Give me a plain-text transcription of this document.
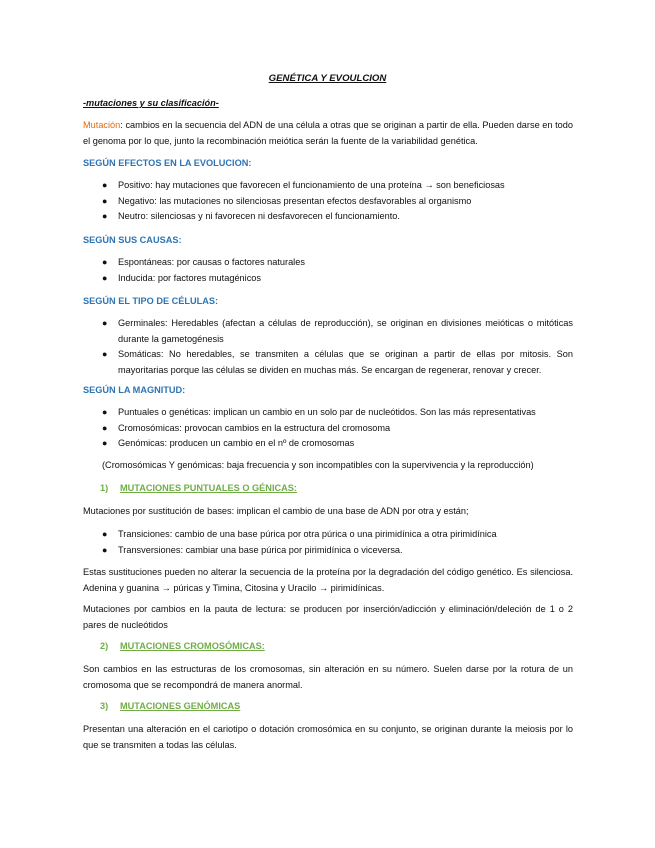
GENÉTICA Y EVOULCION
-mutaciones y su clasificación-
Mutación: cambios en la secuencia del ADN de una célula a otras que se originan a partir de ella. Pueden darse en todo el genoma por lo que, junto la recombinación meiótica serán la fuente de la variabilidad genética.
SEGÚN EFECTOS EN LA EVOLUCION:
● Positivo: hay mutaciones que favorecen el funcionamiento de una proteína → son beneficiosas
● Negativo: las mutaciones no silenciosas presentan efectos desfavorables al organismo
● Neutro: silenciosas y ni favorecen ni desfavorecen el funcionamiento.
SEGÚN SUS CAUSAS:
● Espontáneas: por causas o factores naturales
● Inducida: por factores mutagénicos
SEGÚN EL TIPO DE CÉLULAS:
● Germinales: Heredables (afectan a células de reproducción), se originan en divisiones meióticas o mitóticas durante la gametogénesis
● Somáticas: No heredables, se transmiten a células que se originan a partir de ellas por mitosis. Son mayoritarias porque las células se dividen en muchas más. Se encargan de regenerar, renovar y crecer.
SEGÚN LA MAGNITUD:
● Puntuales o genéticas: implican un cambio en un solo par de nucleótidos. Son las más representativas
● Cromosómicas: provocan cambios en la estructura del cromosoma
● Genómicas: producen un cambio en el nº de cromosomas
(Cromosómicas Y genómicas: baja frecuencia y son incompatibles con la supervivencia y la reproducción)
1) MUTACIONES PUNTUALES O GÉNICAS:
Mutaciones por sustitución de bases: implican el cambio de una base de ADN por otra y están;
● Transiciones: cambio de una base púrica por otra púrica o una pirimidínica a otra pirimidínica
● Transversiones: cambiar una base púrica por pirimidínica o viceversa.
Estas sustituciones pueden no alterar la secuencia de la proteína por la degradación del código genético. Es silenciosa. Adenina y guanina → púricas y Timina, Citosina y Uracilo → pirimidínicas.
Mutaciones por cambios en la pauta de lectura: se producen por inserción/adicción y eliminación/deleción de 1 o 2 pares de nucleótidos
2) MUTACIONES CROMOSÓMICAS:
Son cambios en las estructuras de los cromosomas, sin alteración en su número. Suelen darse por la rotura de un cromosoma que se recompondrá de manera anormal.
3) MUTACIONES GENÓMICAS
Presentan una alteración en el cariotipo o dotación cromosómica en su conjunto, se originan durante la meiosis por lo que se transmiten a todas las células.
